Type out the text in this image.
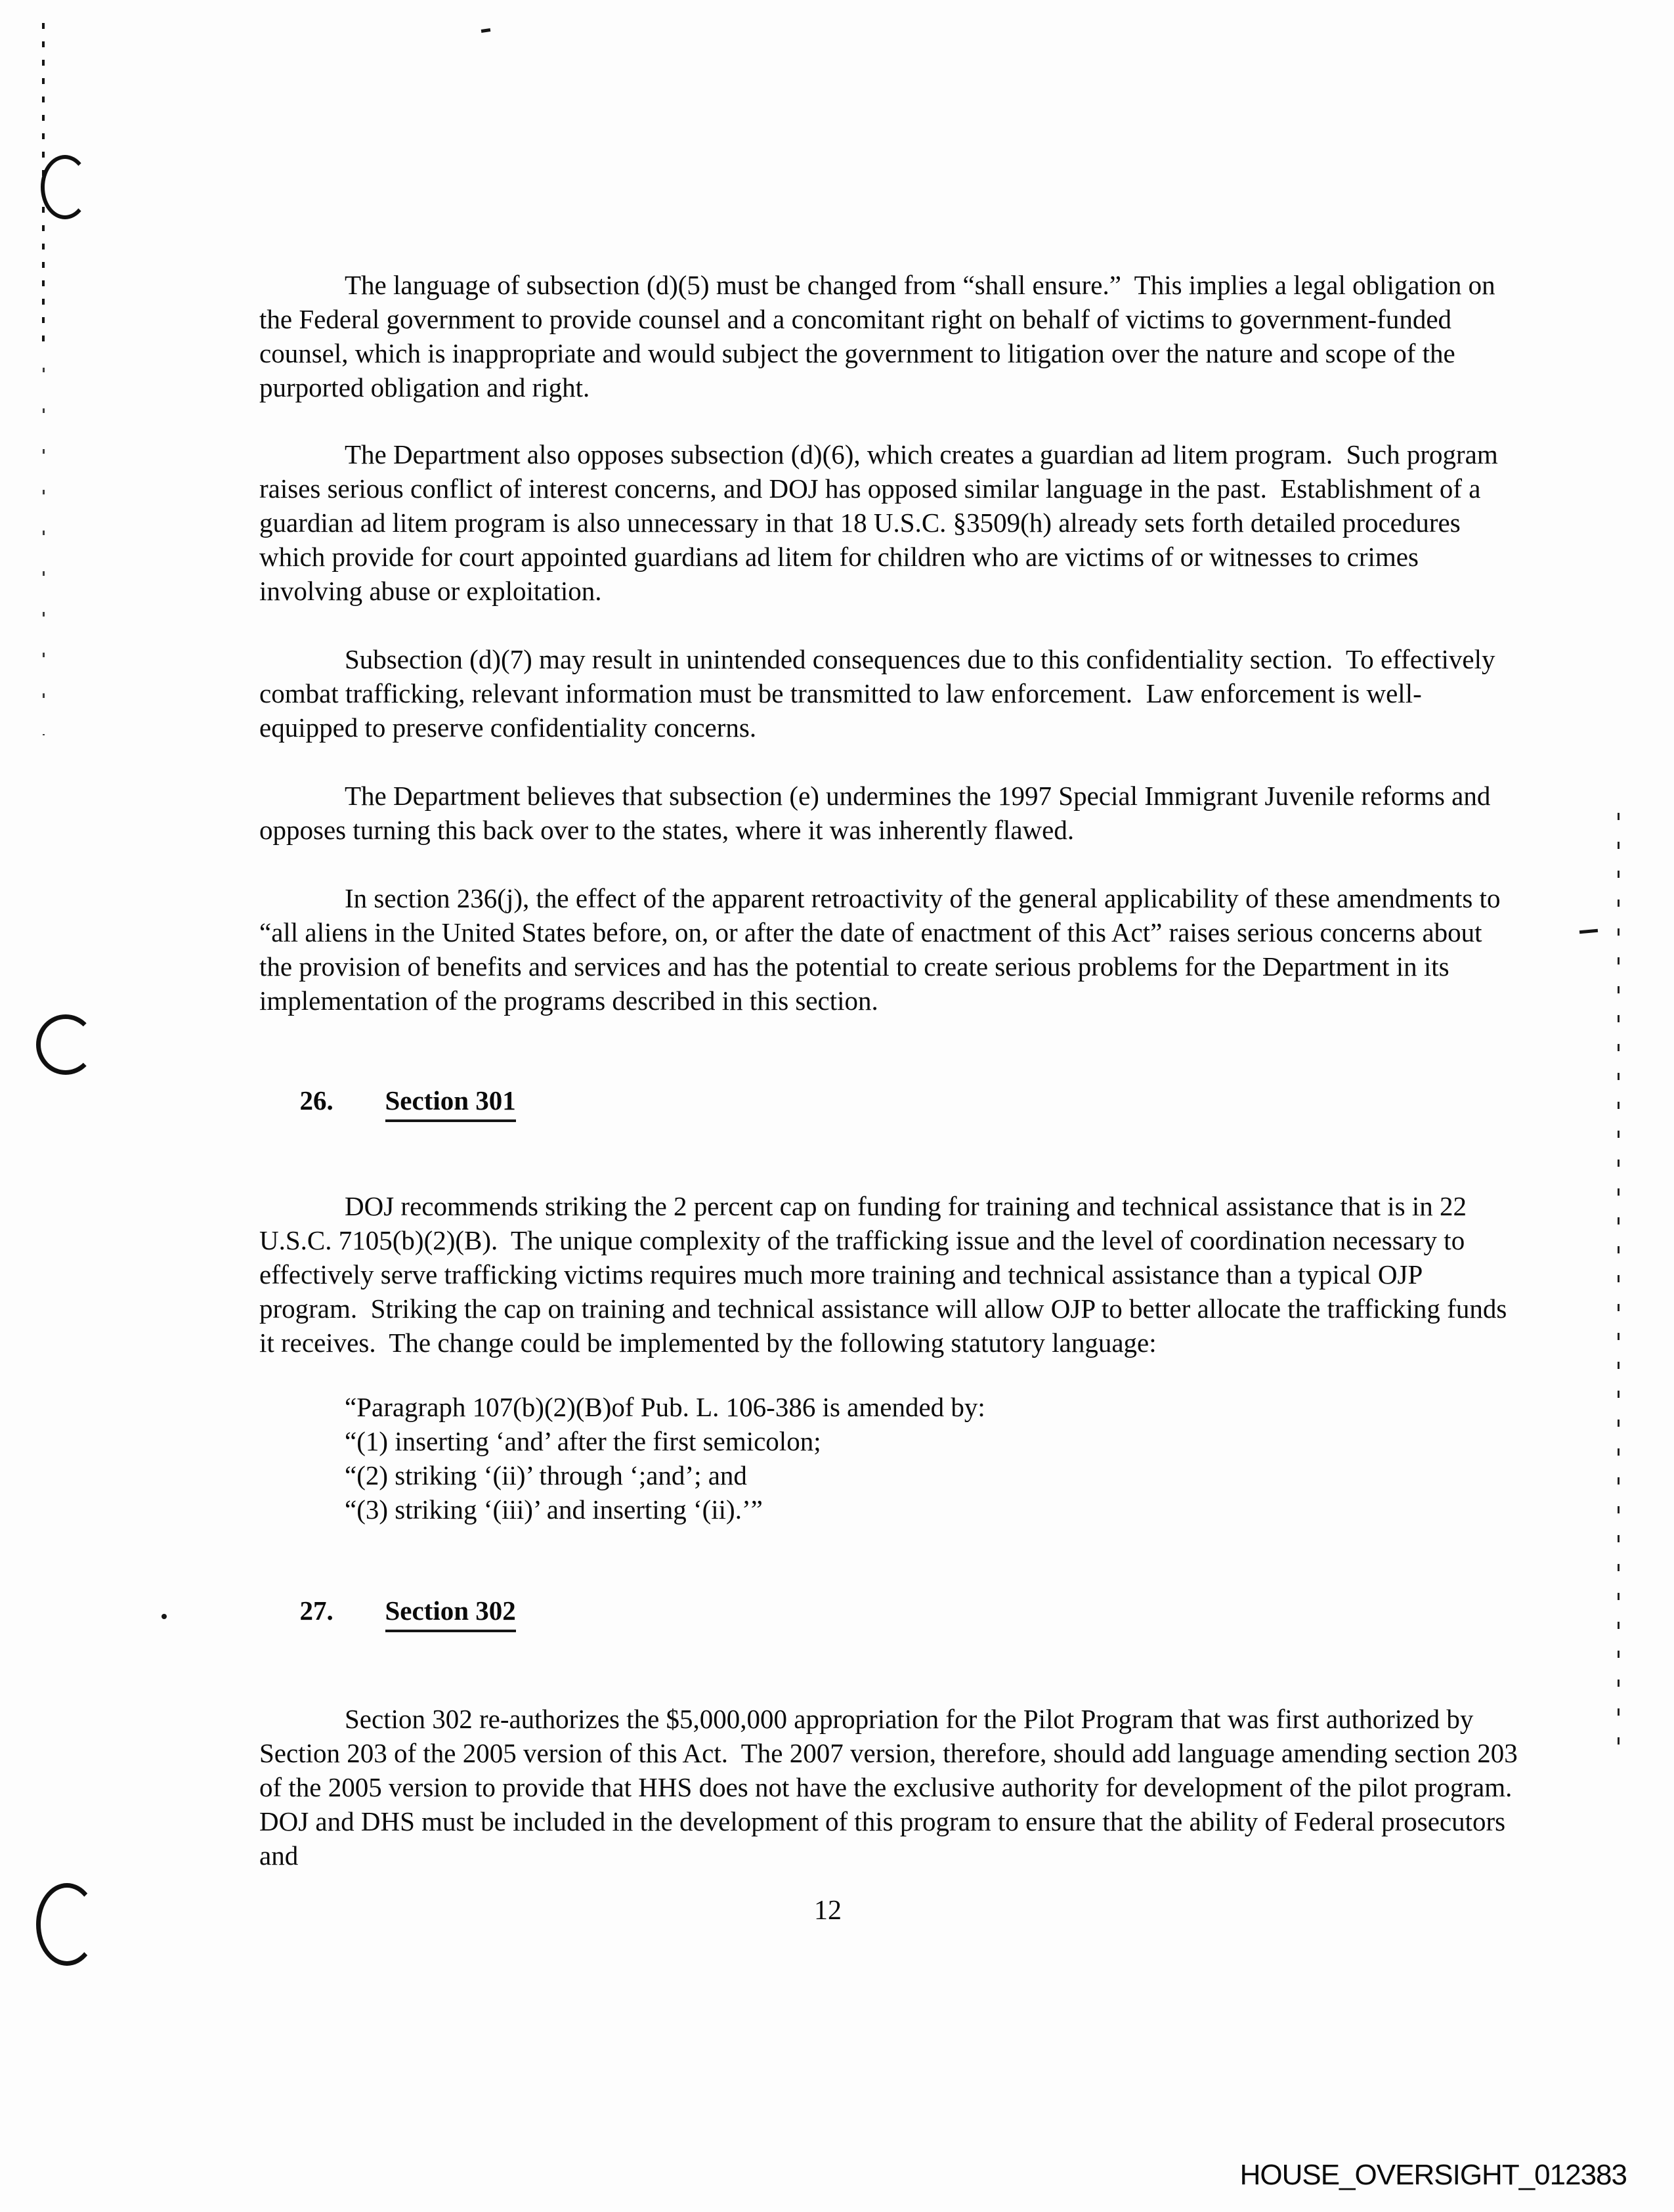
The language of subsection (d)(5) must be changed from “shall ensure.”  This implies a legal obligation on the Federal government to provide counsel and a concomitant right on behalf of victims to government-funded counsel, which is inappropriate and would subject the government to litigation over the nature and scope of the purported obligation and right.

The Department also opposes subsection (d)(6), which creates a guardian ad litem program.  Such program raises serious conflict of interest concerns, and DOJ has opposed similar language in the past.  Establishment of a guardian ad litem program is also unnecessary in that 18 U.S.C. §3509(h) already sets forth detailed procedures which provide for court appointed guardians ad litem for children who are victims of or witnesses to crimes involving abuse or exploitation.

Subsection (d)(7) may result in unintended consequences due to this confidentiality section.  To effectively combat trafficking, relevant information must be transmitted to law enforcement.  Law enforcement is well-equipped to preserve confidentiality concerns.

The Department believes that subsection (e) undermines the 1997 Special Immigrant Juvenile reforms and opposes turning this back over to the states, where it was inherently flawed.

In section 236(j), the effect of the apparent retroactivity of the general applicability of these amendments to “all aliens in the United States before, on, or after the date of enactment of this Act” raises serious concerns about the provision of benefits and services and has the potential to create serious problems for the Department in its implementation of the programs described in this section.

26. Section 301

DOJ recommends striking the 2 percent cap on funding for training and technical assistance that is in 22 U.S.C. 7105(b)(2)(B).  The unique complexity of the trafficking issue and the level of coordination necessary to effectively serve trafficking victims requires much more training and technical assistance than a typical OJP program.  Striking the cap on training and technical assistance will allow OJP to better allocate the trafficking funds it receives.  The change could be implemented by the following statutory language:

“Paragraph 107(b)(2)(B)of Pub. L. 106-386 is amended by:
“(1) inserting ‘and’ after the first semicolon;
“(2) striking ‘(ii)’ through ‘;and’; and
“(3) striking ‘(iii)’ and inserting ‘(ii).’”

27. Section 302

Section 302 re-authorizes the $5,000,000 appropriation for the Pilot Program that was first authorized by Section 203 of the 2005 version of this Act.  The 2007 version, therefore, should add language amending section 203 of the 2005 version to provide that HHS does not have the exclusive authority for development of the pilot program.  DOJ and DHS must be included in the development of this program to ensure that the ability of Federal prosecutors and

12
HOUSE_OVERSIGHT_012383
